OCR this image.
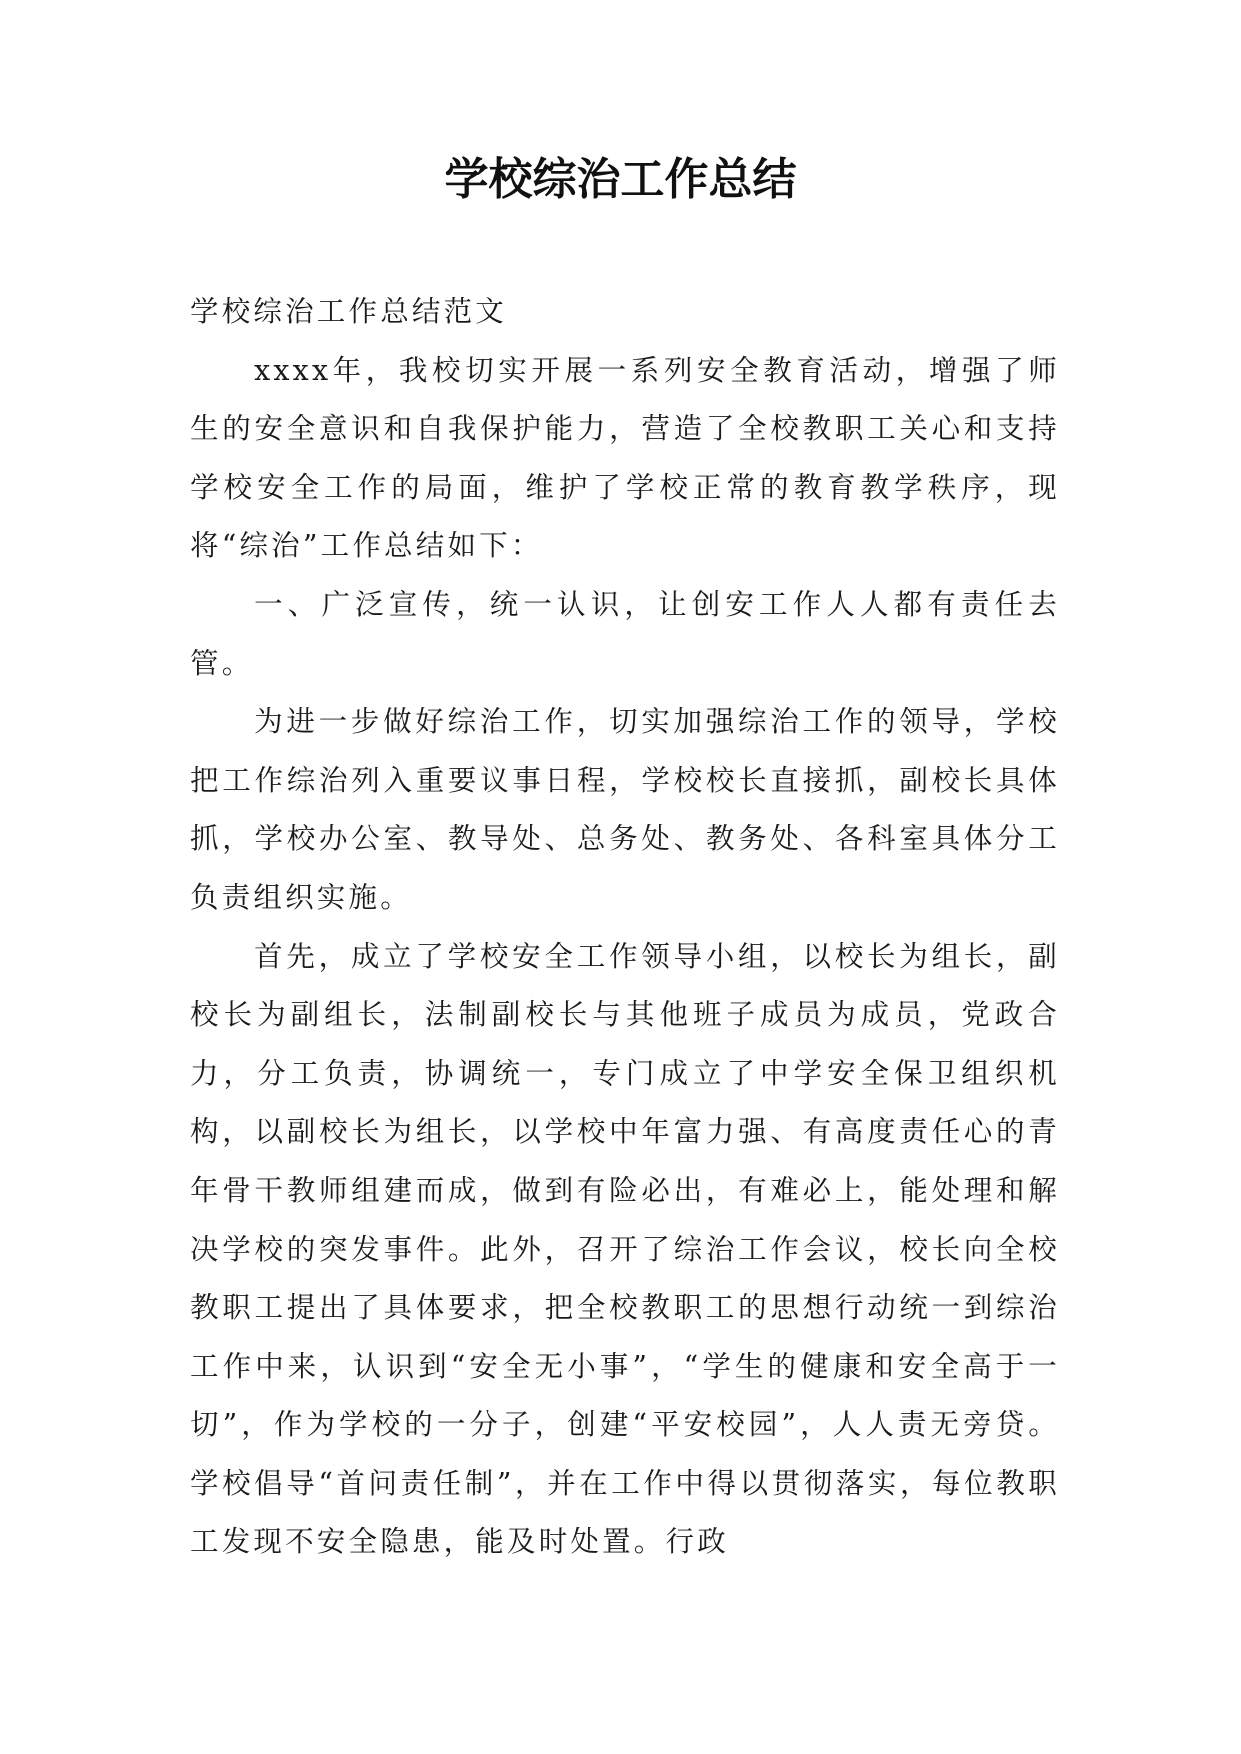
学校综治工作总结

学校综治工作总结范文

xxxx年，我校切实开展一系列安全教育活动，增强了师生的安全意识和自我保护能力，营造了全校教职工关心和支持学校安全工作的局面，维护了学校正常的教育教学秩序，现将“综治”工作总结如下：

一、广泛宣传，统一认识，让创安工作人人都有责任去管。

为进一步做好综治工作，切实加强综治工作的领导，学校把工作综治列入重要议事日程，学校校长直接抓，副校长具体抓，学校办公室、教导处、总务处、教务处、各科室具体分工负责组织实施。

首先，成立了学校安全工作领导小组，以校长为组长，副校长为副组长，法制副校长与其他班子成员为成员，党政合力，分工负责，协调统一，专门成立了中学安全保卫组织机构，以副校长为组长，以学校中年富力强、有高度责任心的青年骨干教师组建而成，做到有险必出，有难必上，能处理和解决学校的突发事件。此外，召开了综治工作会议，校长向全校教职工提出了具体要求，把全校教职工的思想行动统一到综治工作中来，认识到“安全无小事”，“学生的健康和安全高于一切”，作为学校的一分子，创建“平安校园”，人人责无旁贷。学校倡导“首问责任制”，并在工作中得以贯彻落实，每位教职工发现不安全隐患，能及时处置。行政
